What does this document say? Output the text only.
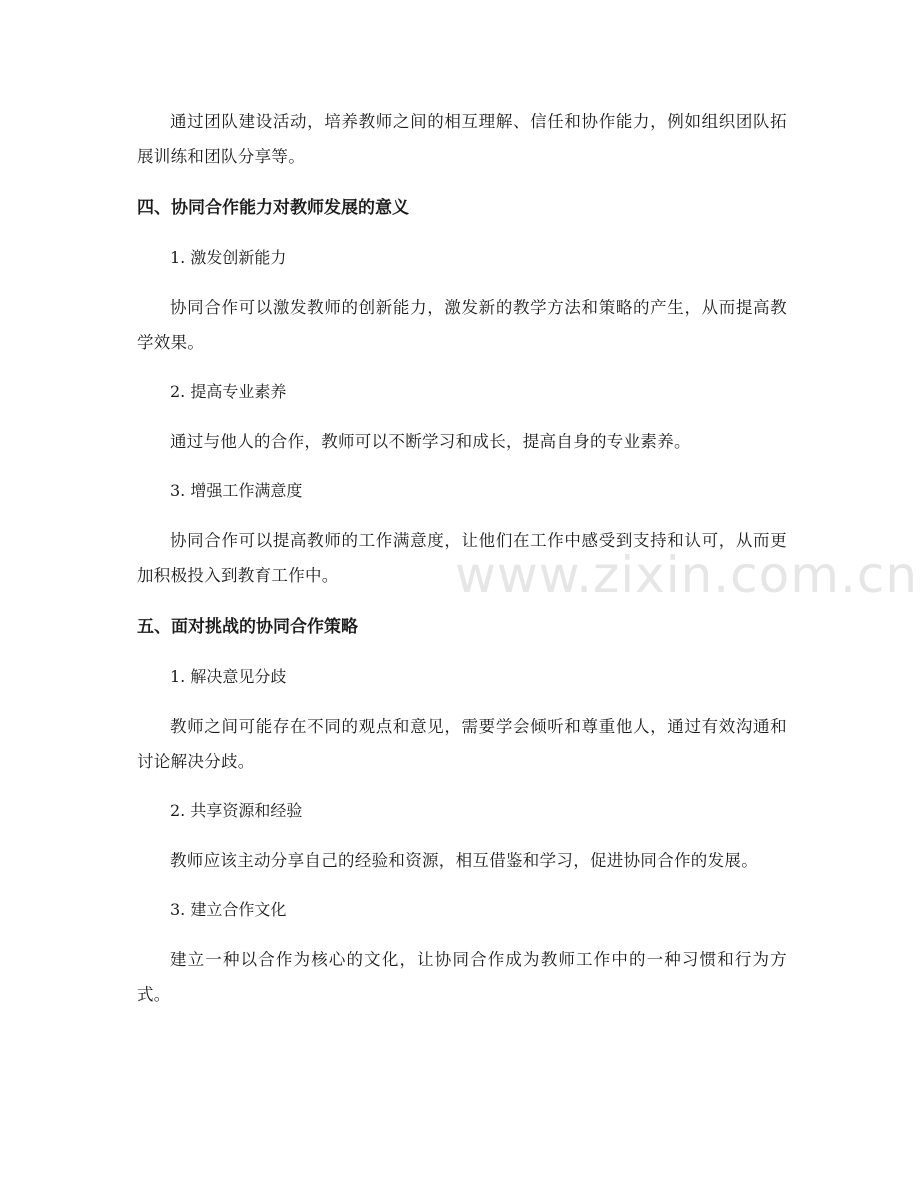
通过团队建设活动，培养教师之间的相互理解、信任和协作能力，例如组织团队拓展训练和团队分享等。

四、协同合作能力对教师发展的意义

1. 激发创新能力

协同合作可以激发教师的创新能力，激发新的教学方法和策略的产生，从而提高教学效果。

2. 提高专业素养

通过与他人的合作，教师可以不断学习和成长，提高自身的专业素养。

3. 增强工作满意度

协同合作可以提高教师的工作满意度，让他们在工作中感受到支持和认可，从而更加积极投入到教育工作中。

五、面对挑战的协同合作策略

1. 解决意见分歧

教师之间可能存在不同的观点和意见，需要学会倾听和尊重他人，通过有效沟通和讨论解决分歧。

2. 共享资源和经验

教师应该主动分享自己的经验和资源，相互借鉴和学习，促进协同合作的发展。

3. 建立合作文化

建立一种以合作为核心的文化，让协同合作成为教师工作中的一种习惯和行为方式。

www.zixin.com.cn
